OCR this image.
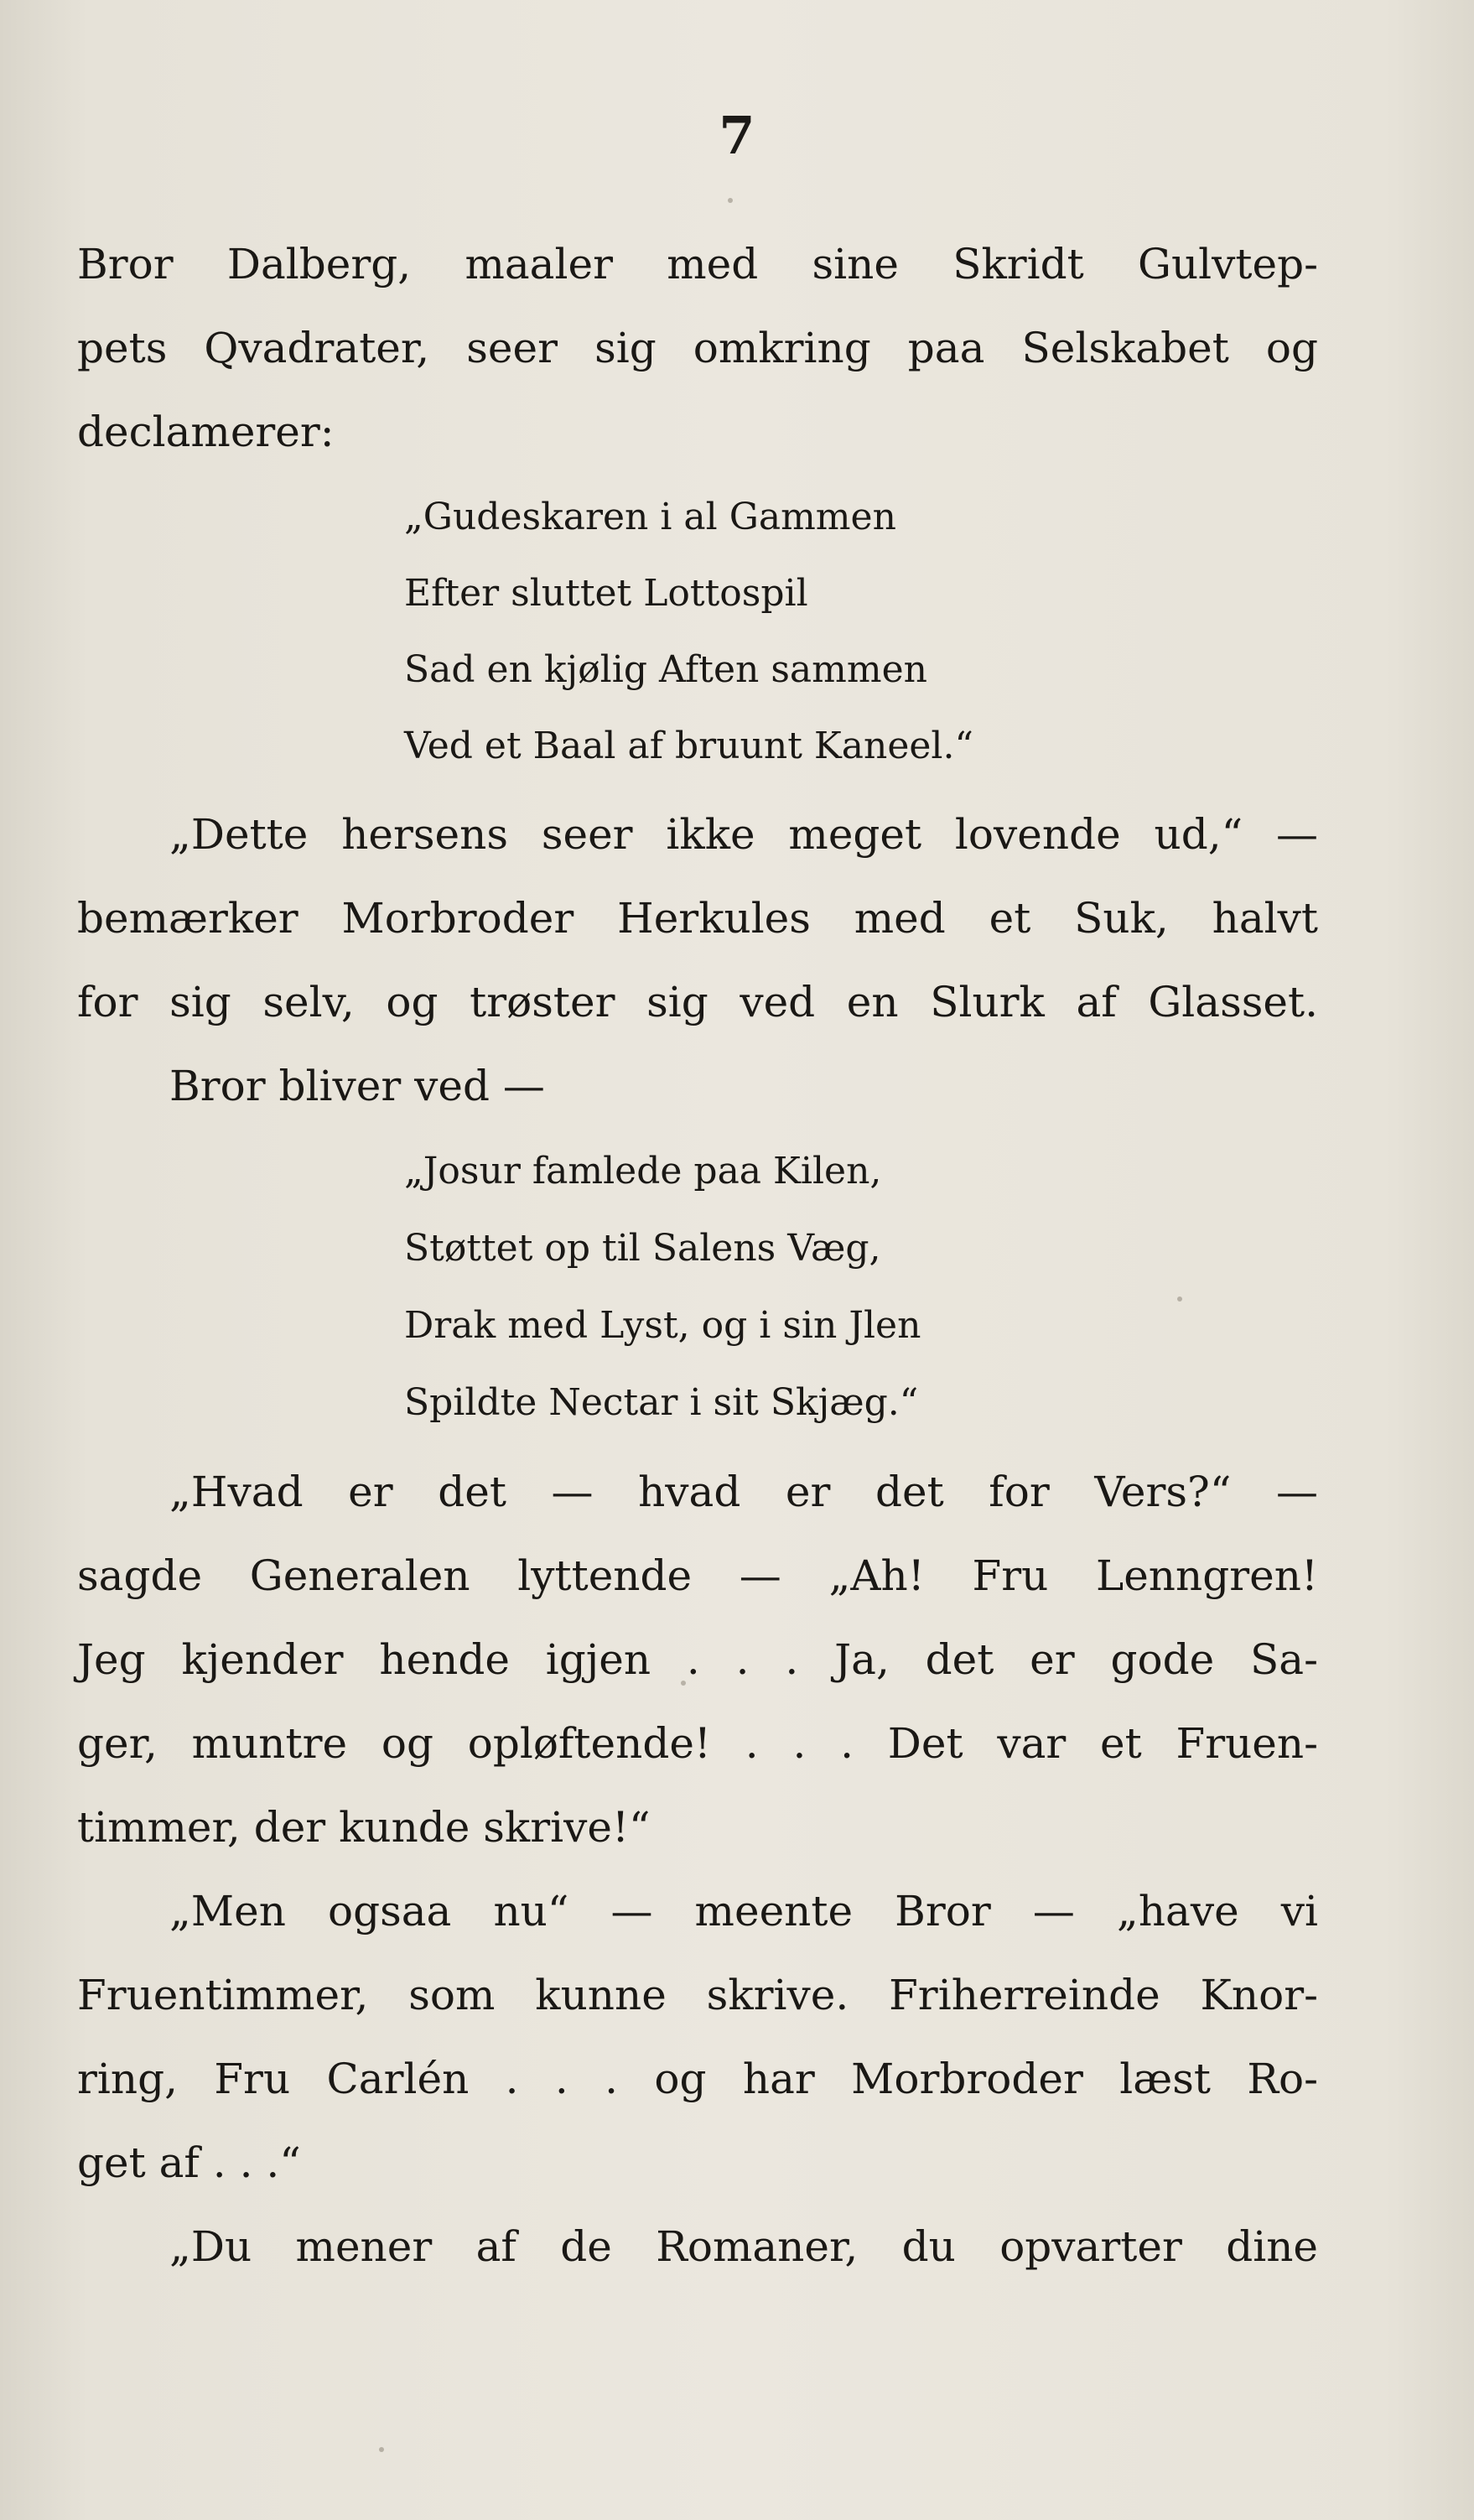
7
Bror Dalberg, maaler med sine Skridt Gulvtep-
pets Qvadrater, seer sig omkring paa Selskabet og
declamerer:
„Gudeskaren i al Gammen
Efter sluttet Lottospil
Sad en kjølig Aften sammen
Ved et Baal af bruunt Kaneel.“
„Dette hersens seer ikke meget lovende ud,“ —
bemærker Morbroder Herkules med et Suk, halvt
for sig selv, og trøster sig ved en Slurk af Glasset.
Bror bliver ved —
„Josur famlede paa Kilen,
Støttet op til Salens Væg,
Drak med Lyst, og i sin Jlen
Spildte Nectar i sit Skjæg.“
„Hvad er det — hvad er det for Vers?“ —
sagde Generalen lyttende — „Ah! Fru Lenngren!
Jeg kjender hende igjen . . . Ja, det er gode Sa-
ger, muntre og opløftende! . . . Det var et Fruen-
timmer, der kunde skrive!“
„Men ogsaa nu“ — meente Bror — „have vi
Fruentimmer, som kunne skrive. Friherreinde Knor-
ring, Fru Carlén . . . og har Morbroder læst Ro-
get af . . .“
„Du mener af de Romaner, du opvarter dine
